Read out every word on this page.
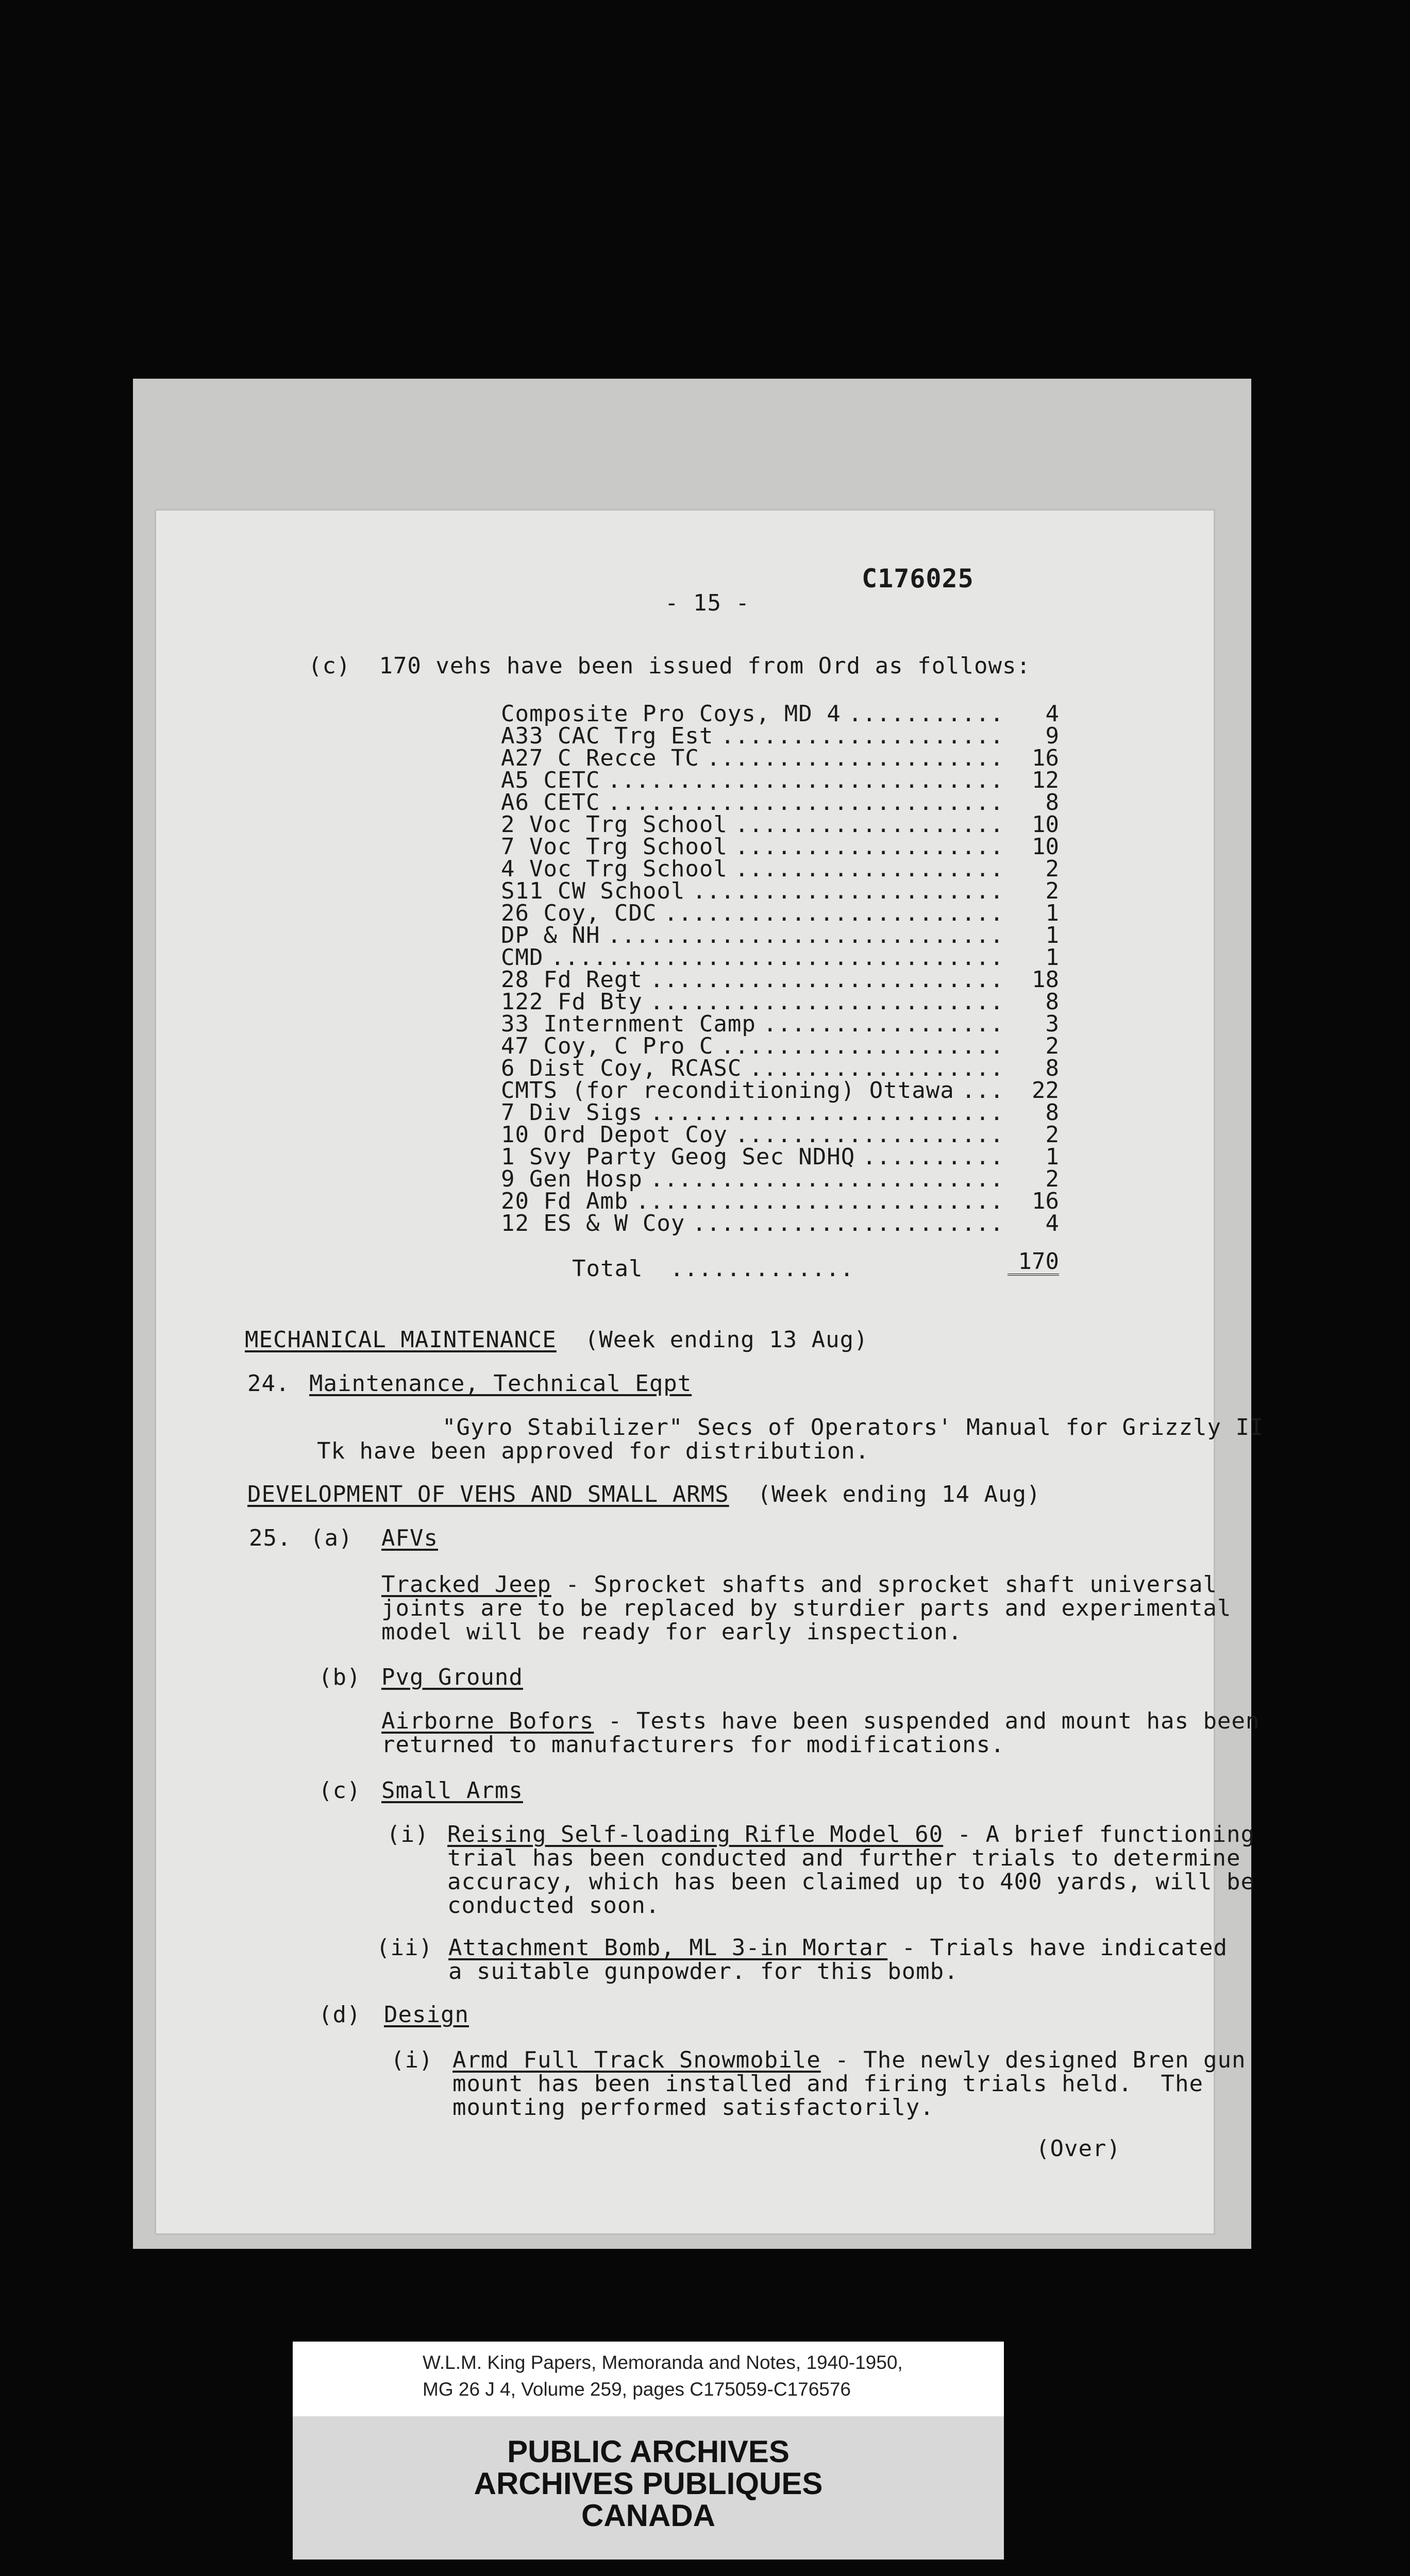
- 15 -
C176025
(c)  170 vehs have been issued from Ord as follows:
Composite Pro Coys, MD 4 ...........	4
A33 CAC Trg Est ....................	9
A27 C Recce TC .....................	16
A5 CETC ............................	12
A6 CETC ............................	8
2 Voc Trg School ...................	10
7 Voc Trg School ...................	10
4 Voc Trg School ...................	2
S11 CW School ......................	2
26 Coy, CDC ........................	1
DP & NH ............................	1
CMD ................................	1
28 Fd Regt .........................	18
122 Fd Bty .........................	8
33 Internment Camp .................	3
47 Coy, C Pro C ....................	2
6 Dist Coy, RCASC ..................	8
CMTS (for reconditioning) Ottawa ...	22
7 Div Sigs .........................	8
10 Ord Depot Coy ...................	2
1 Svy Party Geog Sec NDHQ ..........	1
9 Gen Hosp .........................	2
20 Fd Amb ..........................	16
12 ES & W Coy ......................	4
Total .............	170
MECHANICAL MAINTENANCE (Week ending 13 Aug)
24. Maintenance, Technical Eqpt
"Gyro Stabilizer" Secs of Operators' Manual for Grizzly II
Tk have been approved for distribution.
DEVELOPMENT OF VEHS AND SMALL ARMS (Week ending 14 Aug)
25. (a) AFVs
Tracked Jeep - Sprocket shafts and sprocket shaft universal
joints are to be replaced by sturdier parts and experimental
model will be ready for early inspection.
(b) Pvg Ground
Airborne Bofors - Tests have been suspended and mount has been
returned to manufacturers for modifications.
(c) Small Arms
(i) Reising Self-loading Rifle Model 60 - A brief functioning
trial has been conducted and further trials to determine
accuracy, which has been claimed up to 400 yards, will be
conducted soon.
(ii) Attachment Bomb, ML 3-in Mortar - Trials have indicated
a suitable gunpowder. for this bomb.
(d) Design
(i) Armd Full Track Snowmobile - The newly designed Bren gun
mount has been installed and firing trials held.  The
mounting performed satisfactorily.
(Over)
W.L.M. King Papers, Memoranda and Notes, 1940-1950,
MG 26 J 4, Volume 259, pages C175059-C176576
PUBLIC ARCHIVES
ARCHIVES PUBLIQUES
CANADA
